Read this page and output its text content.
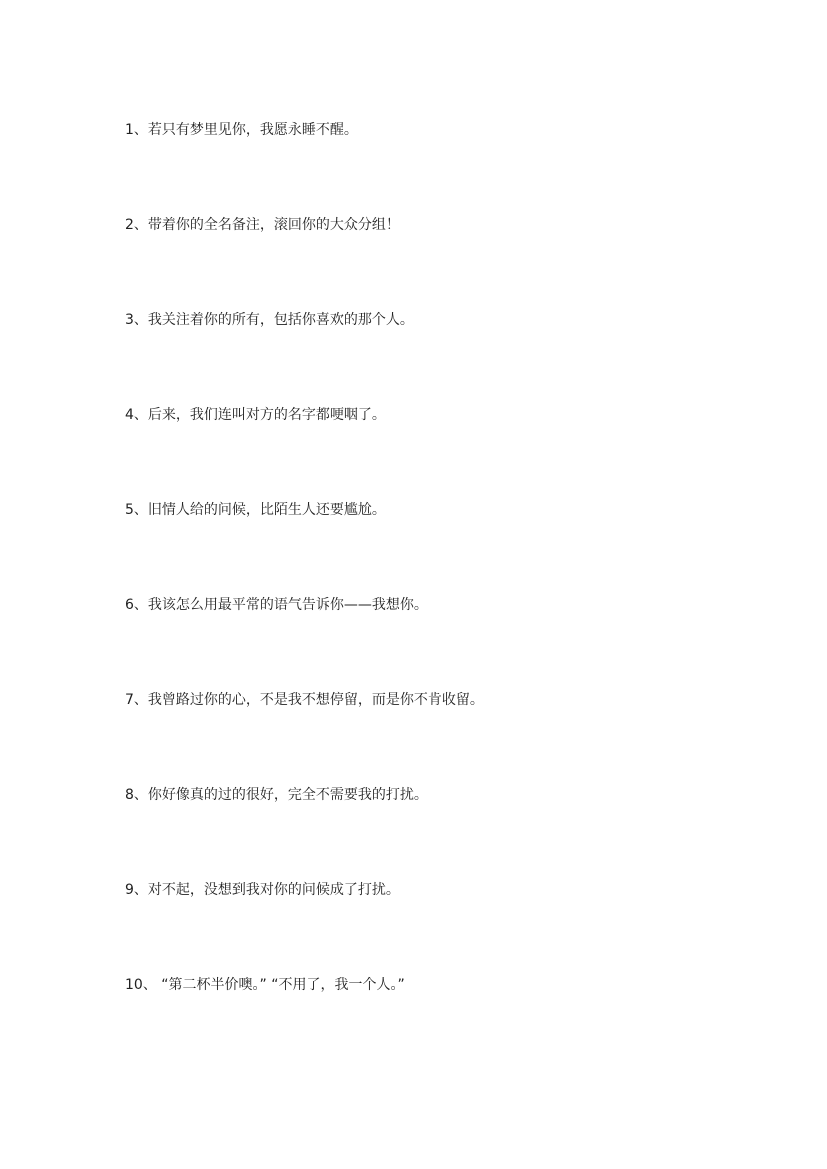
1、若只有梦里见你，我愿永睡不醒。
2、带着你的全名备注，滚回你的大众分组！
3、我关注着你的所有，包括你喜欢的那个人。
4、后来，我们连叫对方的名字都哽咽了。
5、旧情人给的问候，比陌生人还要尴尬。
6、我该怎么用最平常的语气告诉你——我想你。
7、我曾路过你的心，不是我不想停留，而是你不肯收留。
8、你好像真的过的很好，完全不需要我的打扰。
9、对不起，没想到我对你的问候成了打扰。
10、 “第二杯半价噢。” “不用了，我一个人。”
